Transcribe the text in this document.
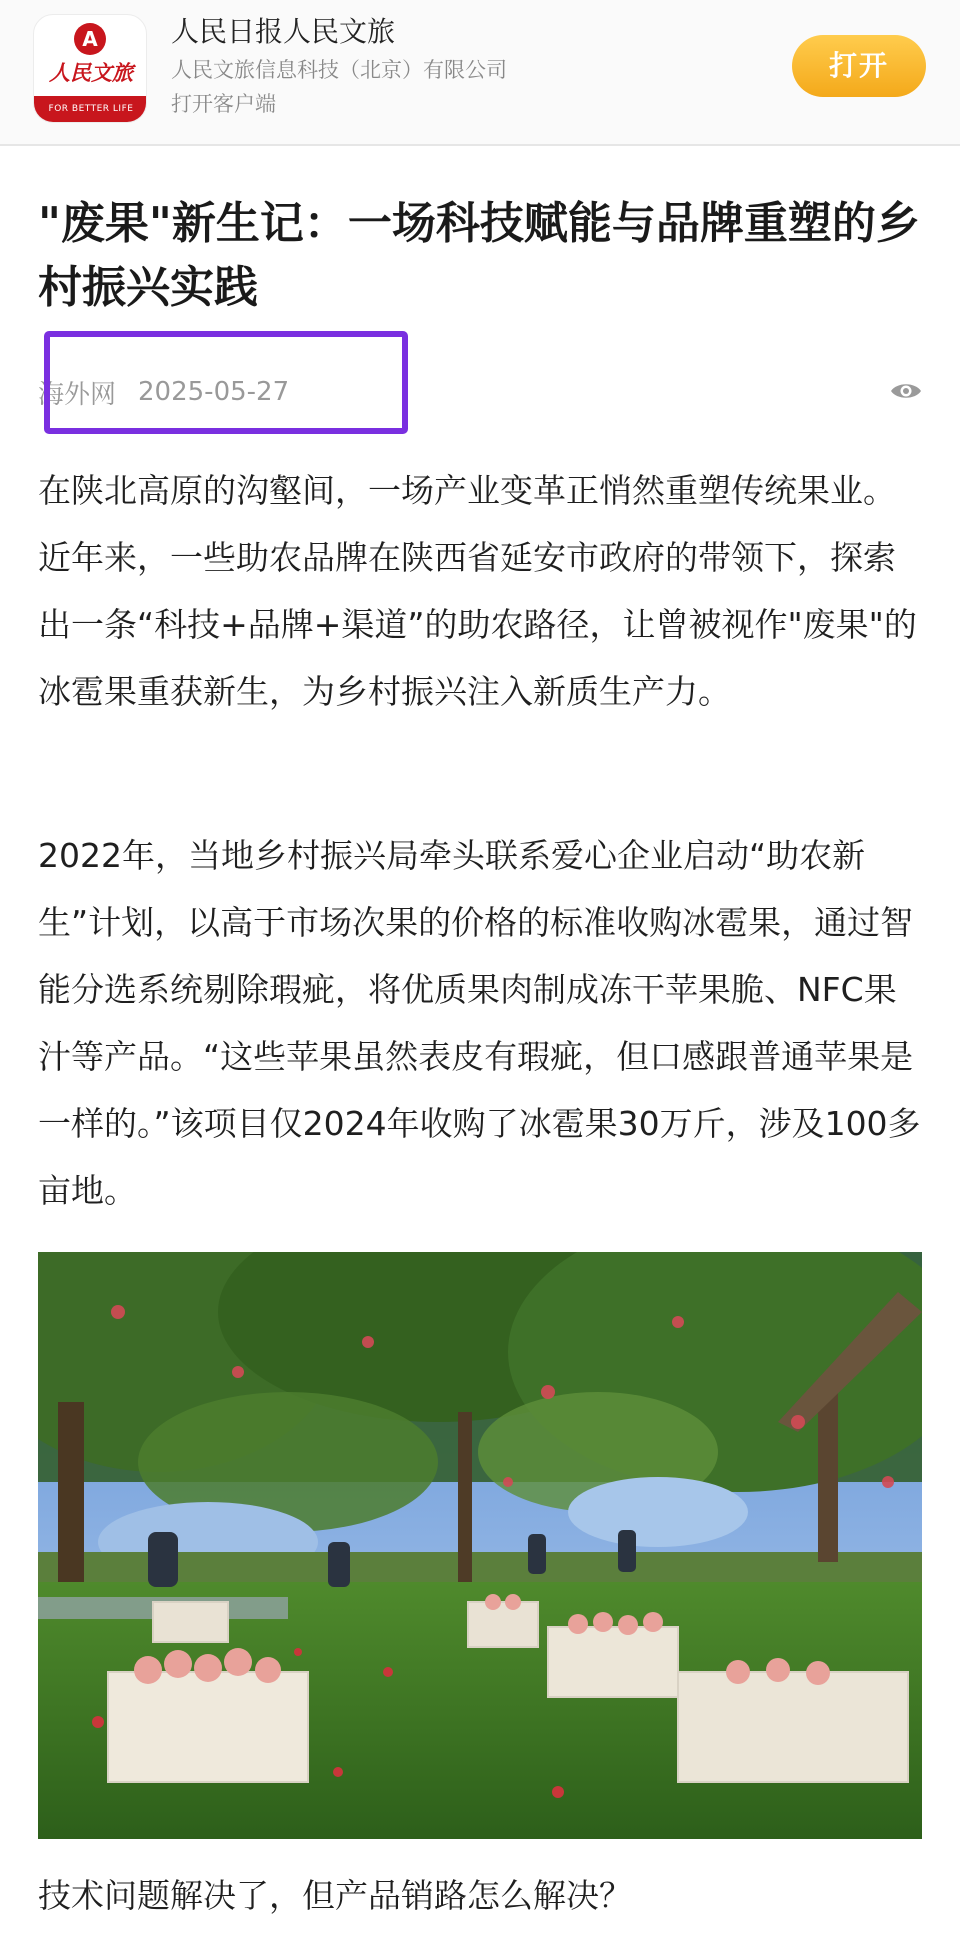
A
人民文旅
FOR BETTER LIFE
人民日报人民文旅
人民文旅信息科技（北京）有限公司
打开客户端
打开
"废果"新生记：一场科技赋能与品牌重塑的乡村振兴实践
海外网 2025-05-27

在陕北高原的沟壑间，一场产业变革正悄然重塑传统果业。近年来，一些助农品牌在陕西省延安市政府的带领下，探索出一条“科技+品牌+渠道”的助农路径，让曾被视作"废果"的冰雹果重获新生，为乡村振兴注入新质生产力。

2022年，当地乡村振兴局牵头联系爱心企业启动“助农新生”计划，以高于市场次果的价格的标准收购冰雹果，通过智能分选系统剔除瑕疵，将优质果肉制成冻干苹果脆、NFC果汁等产品。“这些苹果虽然表皮有瑕疵，但口感跟普通苹果是一样的。”该项目仅2024年收购了冰雹果30万斤，涉及100多亩地。

技术问题解决了，但产品销路怎么解决？
